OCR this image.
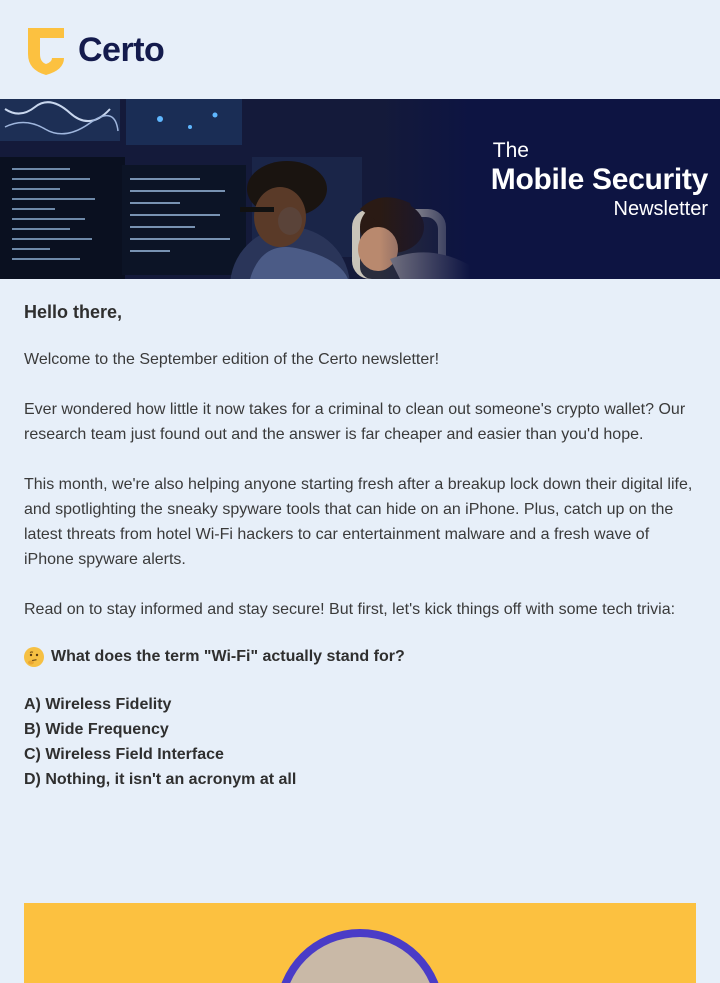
Certo
The
Mobile Security
Newsletter
Hello there,

Welcome to the September edition of the Certo newsletter!

Ever wondered how little it now takes for a criminal to clean out someone's crypto wallet? Our research team just found out and the answer is far cheaper and easier than you'd hope.

This month, we're also helping anyone starting fresh after a breakup lock down their digital life, and spotlighting the sneaky spyware tools that can hide on an iPhone. Plus, catch up on the latest threats from hotel Wi-Fi hackers to car entertainment malware and a fresh wave of iPhone spyware alerts.

Read on to stay informed and stay secure! But first, let's kick things off with some tech trivia:

What does the term "Wi-Fi" actually stand for?
A) Wireless Fidelity
B) Wide Frequency
C) Wireless Field Interface
D) Nothing, it isn't an acronym at all
